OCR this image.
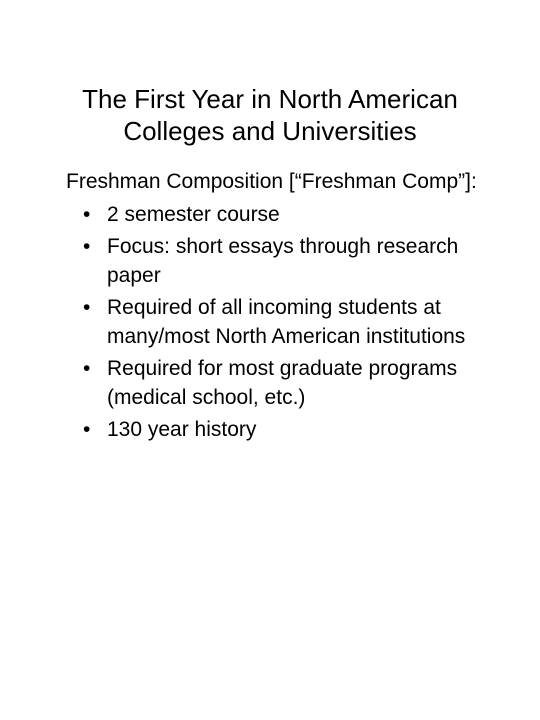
The First Year in North American
Colleges and Universities
Freshman Composition [“Freshman Comp”]:
• 2 semester course
• Focus: short essays through research paper
• Required of all incoming students at many/most North American institutions
• Required for most graduate programs (medical school, etc.)
• 130 year history
